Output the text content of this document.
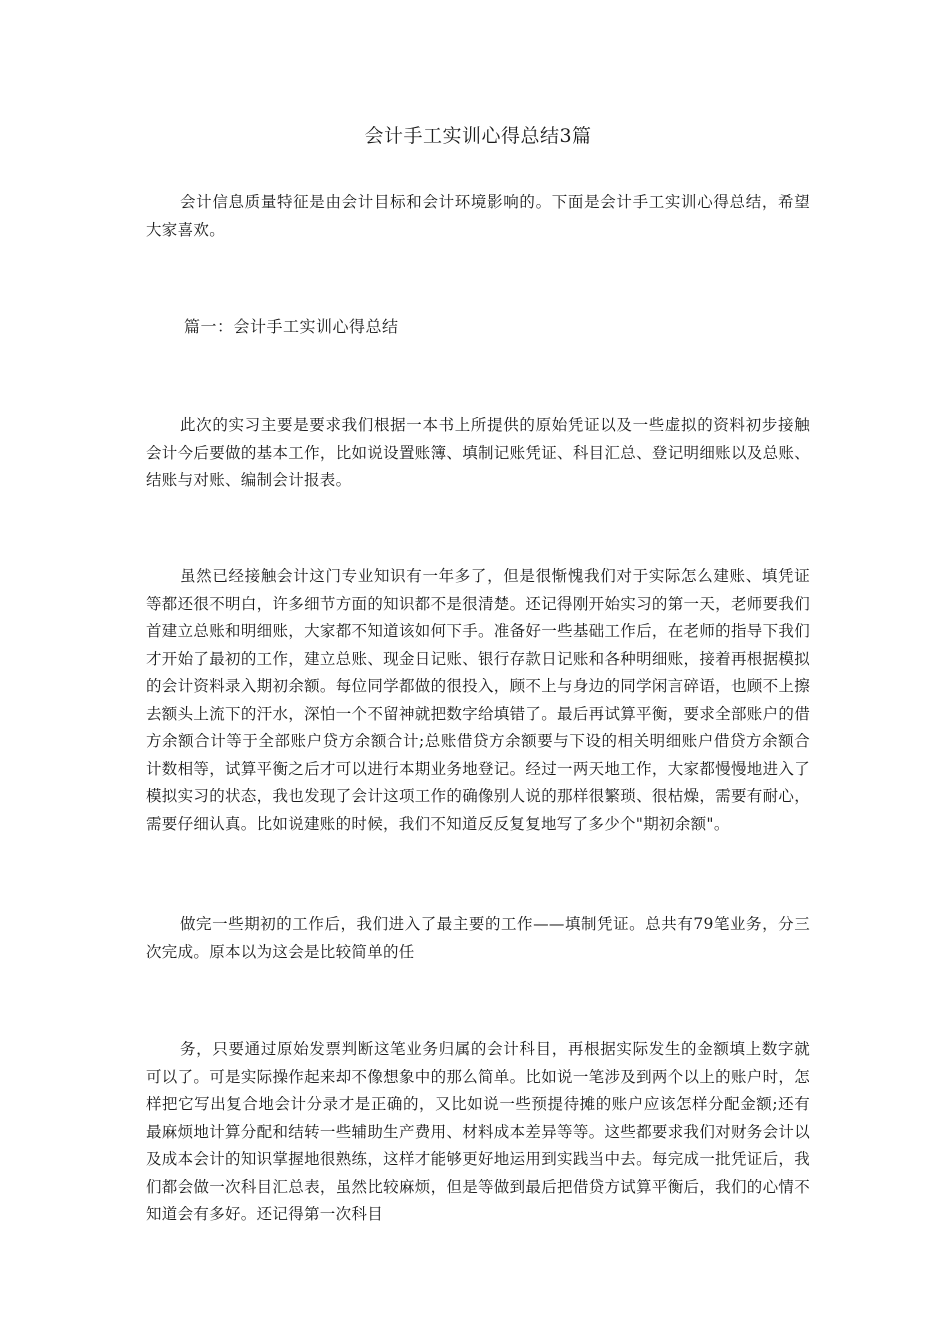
会计手工实训心得总结3篇

会计信息质量特征是由会计目标和会计环境影响的。下面是会计手工实训心得总结，希望大家喜欢。

篇一：会计手工实训心得总结

此次的实习主要是要求我们根据一本书上所提供的原始凭证以及一些虚拟的资料初步接触会计今后要做的基本工作，比如说设置账簿、填制记账凭证、科目汇总、登记明细账以及总账、结账与对账、编制会计报表。

虽然已经接触会计这门专业知识有一年多了，但是很惭愧我们对于实际怎么建账、填凭证等都还很不明白，许多细节方面的知识都不是很清楚。还记得刚开始实习的第一天，老师要我们首建立总账和明细账，大家都不知道该如何下手。准备好一些基础工作后，在老师的指导下我们才开始了最初的工作，建立总账、现金日记账、银行存款日记账和各种明细账，接着再根据模拟的会计资料录入期初余额。每位同学都做的很投入，顾不上与身边的同学闲言碎语，也顾不上擦去额头上流下的汗水，深怕一个不留神就把数字给填错了。最后再试算平衡，要求全部账户的借方余额合计等于全部账户贷方余额合计;总账借贷方余额要与下设的相关明细账户借贷方余额合计数相等，试算平衡之后才可以进行本期业务地登记。经过一两天地工作，大家都慢慢地进入了模拟实习的状态，我也发现了会计这项工作的确像别人说的那样很繁琐、很枯燥，需要有耐心，需要仔细认真。比如说建账的时候，我们不知道反反复复地写了多少个"期初余额"。

做完一些期初的工作后，我们进入了最主要的工作——填制凭证。总共有79笔业务，分三次完成。原本以为这会是比较简单的任

务，只要通过原始发票判断这笔业务归属的会计科目，再根据实际发生的金额填上数字就可以了。可是实际操作起来却不像想象中的那么简单。比如说一笔涉及到两个以上的账户时，怎样把它写出复合地会计分录才是正确的，又比如说一些预提待摊的账户应该怎样分配金额;还有最麻烦地计算分配和结转一些辅助生产费用、材料成本差异等等。这些都要求我们对财务会计以及成本会计的知识掌握地很熟练，这样才能够更好地运用到实践当中去。每完成一批凭证后，我们都会做一次科目汇总表，虽然比较麻烦，但是等做到最后把借贷方试算平衡后，我们的心情不知道会有多好。还记得第一次科目
